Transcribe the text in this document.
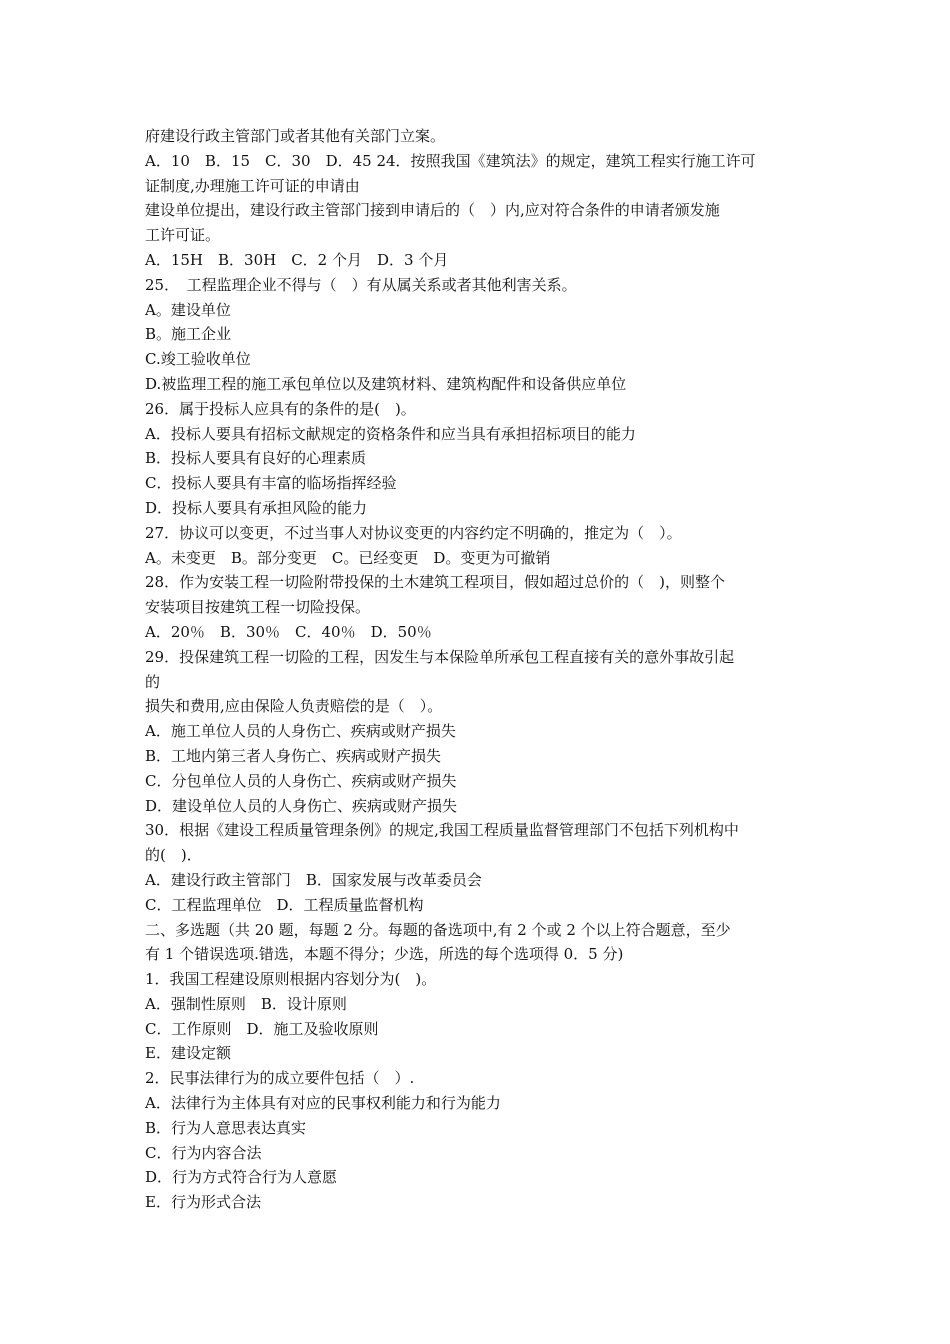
府建设行政主管部门或者其他有关部门立案。
A．10　B．15　C．30　D．45 24．按照我国《建筑法》的规定，建筑工程实行施工许可
证制度,办理施工许可证的申请由
建设单位提出，建设行政主管部门接到申请后的（　）内,应对符合条件的申请者颁发施
工许可证。
A．15H　B．30H　C．2 个月　D．3 个月
25．　工程监理企业不得与（　）有从属关系或者其他利害关系。
A。建设单位
B。施工企业
C.竣工验收单位
D.被监理工程的施工承包单位以及建筑材料、建筑构配件和设备供应单位
26．属于投标人应具有的条件的是(　)。
A．投标人要具有招标文献规定的资格条件和应当具有承担招标项目的能力
B．投标人要具有良好的心理素质
C．投标人要具有丰富的临场指挥经验
D．投标人要具有承担风险的能力
27．协议可以变更，不过当事人对协议变更的内容约定不明确的，推定为（　）。
A。未变更　B。部分变更　C。已经变更　D。变更为可撤销
28．作为安装工程一切险附带投保的土木建筑工程项目，假如超过总价的（　)，则整个
安装项目按建筑工程一切险投保。
A．20％　B．30％　C．40％　D．50％
29．投保建筑工程一切险的工程，因发生与本保险单所承包工程直接有关的意外事故引起
的
损失和费用,应由保险人负责赔偿的是（　）。
A．施工单位人员的人身伤亡、疾病或财产损失
B．工地内第三者人身伤亡、疾病或财产损失
C．分包单位人员的人身伤亡、疾病或财产损失
D．建设单位人员的人身伤亡、疾病或财产损失
30．根据《建设工程质量管理条例》的规定,我国工程质量监督管理部门不包括下列机构中
的(　)．
A．建设行政主管部门　B．国家发展与改革委员会
C．工程监理单位　D．工程质量监督机构
二、多选题（共 20 题，每题 2 分。每题的备选项中,有 2 个或 2 个以上符合题意，至少
有 1 个错误选项.错选，本题不得分；少选，所选的每个选项得 0．5 分)
1．我国工程建设原则根据内容划分为(　)。
A．强制性原则　B．设计原则
C．工作原则　D．施工及验收原则
E．建设定额
2．民事法律行为的成立要件包括（　）.
A．法律行为主体具有对应的民事权利能力和行为能力
B．行为人意思表达真实
C．行为内容合法
D．行为方式符合行为人意愿
E．行为形式合法
